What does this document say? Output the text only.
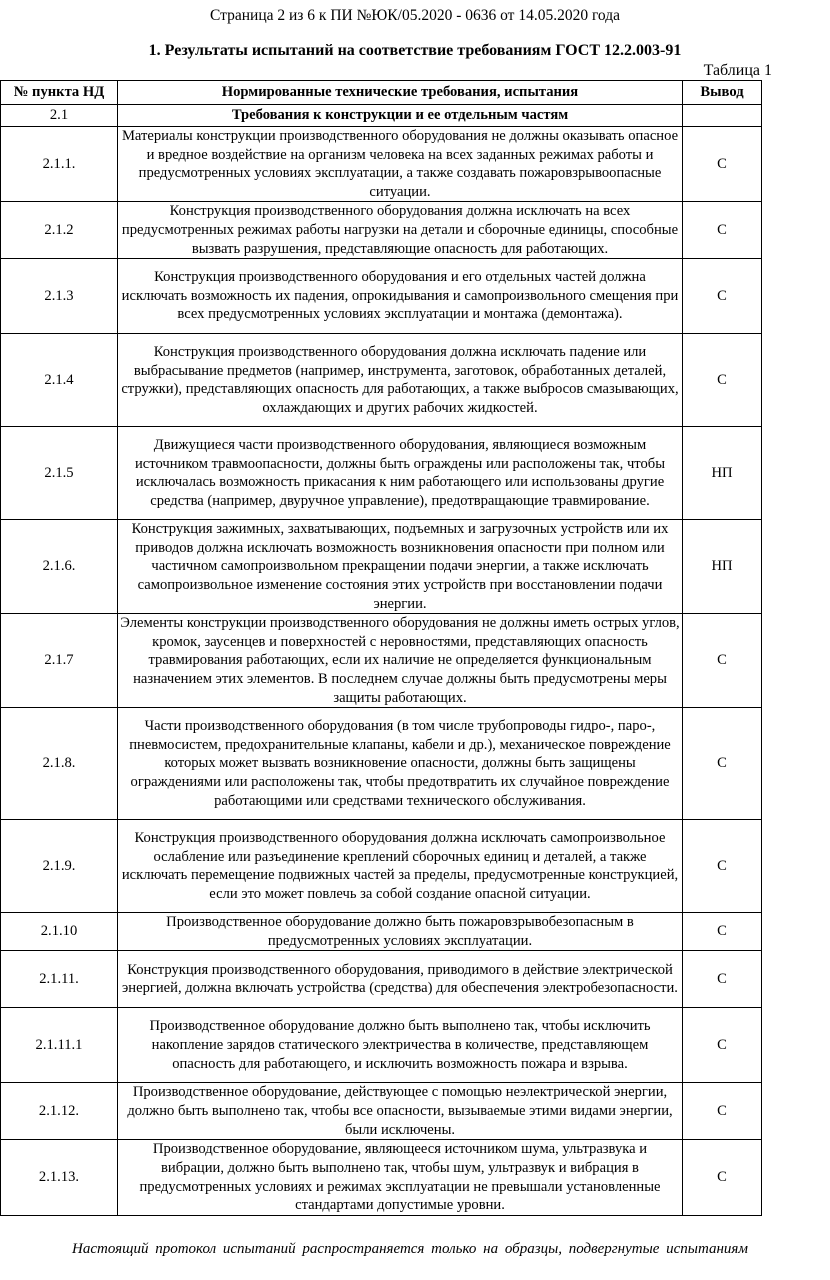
Страница 2 из 6 к ПИ №ЮК/05.2020 - 0636 от 14.05.2020 года
1. Результаты испытаний на соответствие требованиям ГОСТ 12.2.003-91
Таблица 1
№ пункта НД	Нормированные технические требования, испытания	Вывод
2.1	Требования к конструкции и ее отдельным частям	
2.1.1.	Материалы конструкции производственного оборудования не должны оказывать опасное и вредное воздействие на организм человека на всех заданных режимах работы и предусмотренных условиях эксплуатации, а также создавать пожаровзрывоопасные ситуации.	С
2.1.2	Конструкция производственного оборудования должна исключать на всех предусмотренных режимах работы нагрузки на детали и сборочные единицы, способные вызвать разрушения, представляющие опасность для работающих.	С
2.1.3	Конструкция производственного оборудования и его отдельных частей должна исключать возможность их падения, опрокидывания и самопроизвольного смещения при всех предусмотренных условиях эксплуатации и монтажа (демонтажа).	С
2.1.4	Конструкция производственного оборудования должна исключать падение или выбрасывание предметов (например, инструмента, заготовок, обработанных деталей, стружки), представляющих опасность для работающих, а также выбросов смазывающих, охлаждающих и других рабочих жидкостей.	С
2.1.5	Движущиеся части производственного оборудования, являющиеся возможным источником травмоопасности, должны быть ограждены или расположены так, чтобы исключалась возможность прикасания к ним работающего или использованы другие средства (например, двуручное управление), предотвращающие травмирование.	НП
2.1.6.	Конструкция зажимных, захватывающих, подъемных и загрузочных устройств или их приводов должна исключать возможность возникновения опасности при полном или частичном самопроизвольном прекращении подачи энергии, а также исключать самопроизвольное изменение состояния этих устройств при восстановлении подачи энергии.	НП
2.1.7	Элементы конструкции производственного оборудования не должны иметь острых углов, кромок, заусенцев и поверхностей с неровностями, представляющих опасность травмирования работающих, если их наличие не определяется функциональным назначением этих элементов. В последнем случае должны быть предусмотрены меры защиты работающих.	С
2.1.8.	Части производственного оборудования (в том числе трубопроводы гидро-, паро-, пневмосистем, предохранительные клапаны, кабели и др.), механическое повреждение которых может вызвать возникновение опасности, должны быть защищены ограждениями или расположены так, чтобы предотвратить их случайное повреждение работающими или средствами технического обслуживания.	С
2.1.9.	Конструкция производственного оборудования должна исключать самопроизвольное ослабление или разъединение креплений сборочных единиц и деталей, а также исключать перемещение подвижных частей за пределы, предусмотренные конструкцией, если это может повлечь за собой создание опасной ситуации.	С
2.1.10	Производственное оборудование должно быть пожаровзрывобезопасным в предусмотренных условиях эксплуатации.	С
2.1.11.	Конструкция производственного оборудования, приводимого в действие электрической энергией, должна включать устройства (средства) для обеспечения электробезопасности.	С
2.1.11.1	Производственное оборудование должно быть выполнено так, чтобы исключить накопление зарядов статического электричества в количестве, представляющем опасность для работающего, и исключить возможность пожара и взрыва.	С
2.1.12.	Производственное оборудование, действующее с помощью неэлектрической энергии, должно быть выполнено так, чтобы все опасности, вызываемые этими видами энергии, были исключены.	С
2.1.13.	Производственное оборудование, являющееся источником шума, ультразвука и вибрации, должно быть выполнено так, чтобы шум, ультразвук и вибрация в предусмотренных условиях и режимах эксплуатации не превышали установленные стандартами допустимые уровни.	С
Настоящий протокол испытаний распространяется только на образцы, подвергнутые испытаниям
